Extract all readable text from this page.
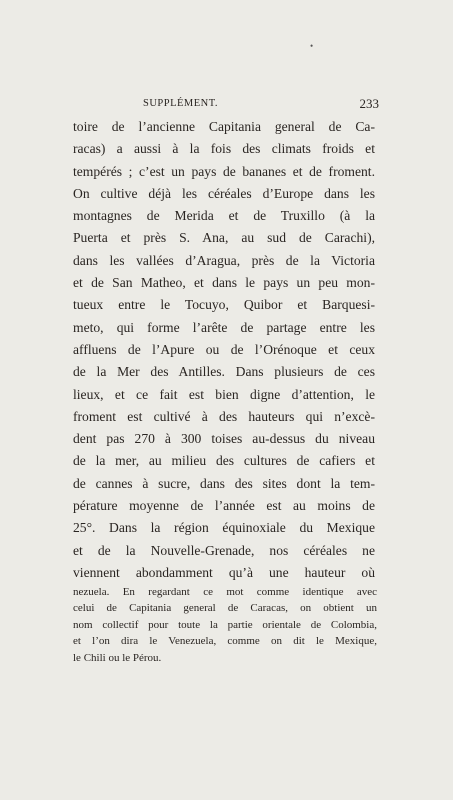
•
SUPPLÉMENT.	233
toire de l’ancienne Capitania general de Ca-
racas) a aussi à la fois des climats froids et
tempérés ; c’est un pays de bananes et de froment.
On cultive déjà les céréales d’Europe dans les
montagnes de Merida et de Truxillo (à la
Puerta et près S. Ana, au sud de Carachi),
dans les vallées d’Aragua, près de la Victoria
et de San Matheo, et dans le pays un peu mon-
tueux entre le Tocuyo, Quibor et Barquesi-
meto, qui forme l’arête de partage entre les
affluens de l’Apure ou de l’Orénoque et ceux
de la Mer des Antilles. Dans plusieurs de ces
lieux, et ce fait est bien digne d’attention, le
froment est cultivé à des hauteurs qui n’excè-
dent pas 270 à 300 toises au-dessus du niveau
de la mer, au milieu des cultures de cafiers et
de cannes à sucre, dans des sites dont la tem-
pérature moyenne de l’année est au moins de
25°. Dans la région équinoxiale du Mexique
et de la Nouvelle-Grenade, nos céréales ne
viennent abondamment qu’à une hauteur où
nezuela. En regardant ce mot comme identique avec
celui de Capitania general de Caracas, on obtient un
nom collectif pour toute la partie orientale de Colombia,
et l’on dira le Venezuela, comme on dit le Mexique,
le Chili ou le Pérou.
